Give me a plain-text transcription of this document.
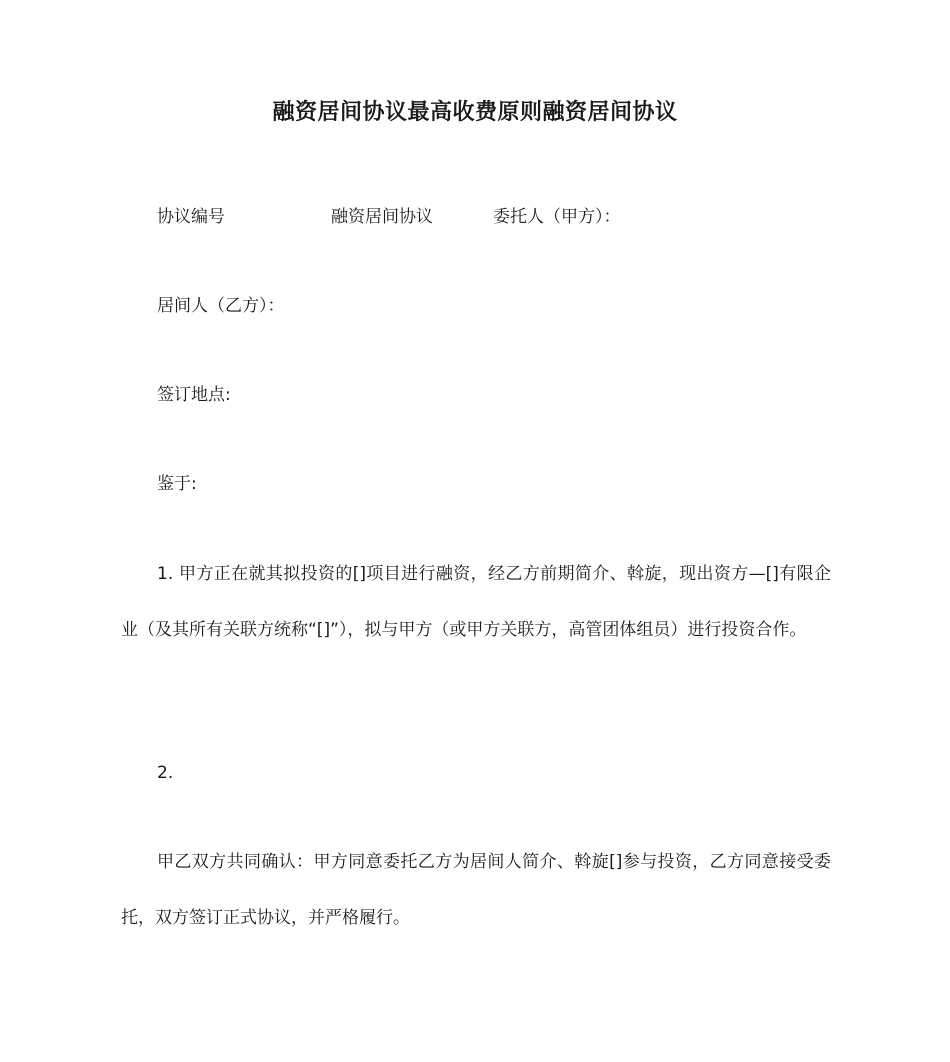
融资居间协议最高收费原则融资居间协议
协议编号	融资居间协议	委托人（甲方）：
居间人（乙方）：
签订地点:
鉴于:
1. 甲方正在就其拟投资的[]项目进行融资，经乙方前期简介、斡旋，现出资方—[]有限企业（及其所有关联方统称“[]”），拟与甲方（或甲方关联方，高管团体组员）进行投资合作。
2.
甲乙双方共同确认：甲方同意委托乙方为居间人简介、斡旋[]参与投资，乙方同意接受委托，双方签订正式协议，并严格履行。
